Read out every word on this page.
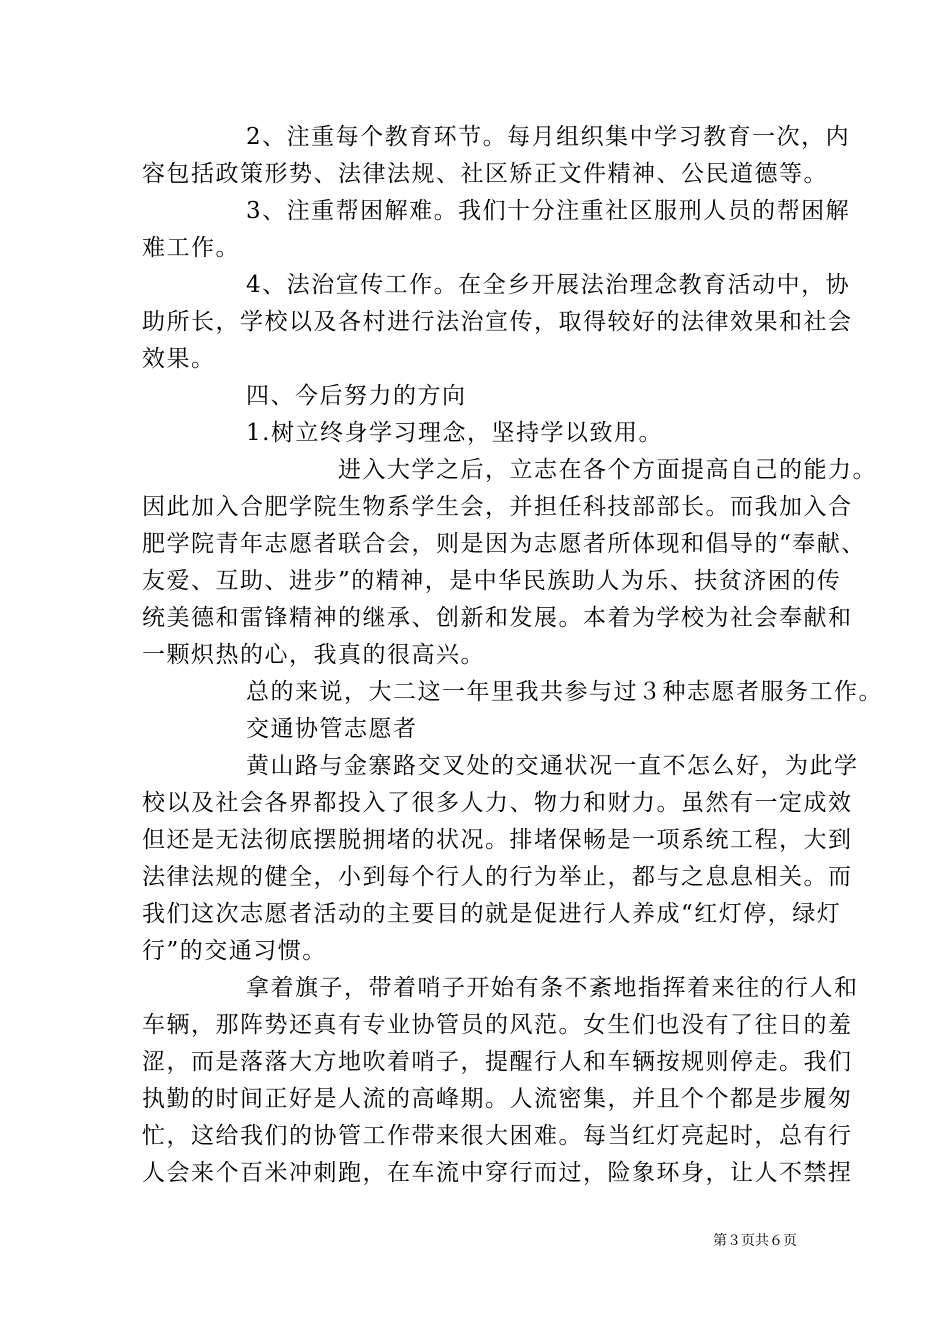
2、注重每个教育环节。每月组织集中学习教育一次，内
容包括政策形势、法律法规、社区矫正文件精神、公民道德等。
3、注重帮困解难。我们十分注重社区服刑人员的帮困解
难工作。
4、法治宣传工作。在全乡开展法治理念教育活动中，协
助所长，学校以及各村进行法治宣传，取得较好的法律效果和社会
效果。
四、今后努力的方向
1.树立终身学习理念，坚持学以致用。
进入大学之后，立志在各个方面提高自己的能力。
因此加入合肥学院生物系学生会，并担任科技部部长。而我加入合
肥学院青年志愿者联合会，则是因为志愿者所体现和倡导的“奉献、
友爱、互助、进步”的精神，是中华民族助人为乐、扶贫济困的传
统美德和雷锋精神的继承、创新和发展。本着为学校为社会奉献和
一颗炽热的心，我真的很高兴。
总的来说，大二这一年里我共参与过３种志愿者服务工作。
交通协管志愿者
黄山路与金寨路交叉处的交通状况一直不怎么好，为此学
校以及社会各界都投入了很多人力、物力和财力。虽然有一定成效
但还是无法彻底摆脱拥堵的状况。排堵保畅是一项系统工程，大到
法律法规的健全，小到每个行人的行为举止，都与之息息相关。而
我们这次志愿者活动的主要目的就是促进行人养成“红灯停，绿灯
行”的交通习惯。
拿着旗子，带着哨子开始有条不紊地指挥着来往的行人和
车辆，那阵势还真有专业协管员的风范。女生们也没有了往日的羞
涩，而是落落大方地吹着哨子，提醒行人和车辆按规则停走。我们
执勤的时间正好是人流的高峰期。人流密集，并且个个都是步履匆
忙，这给我们的协管工作带来很大困难。每当红灯亮起时，总有行
人会来个百米冲刺跑，在车流中穿行而过，险象环身，让人不禁捏
第３页共６页
